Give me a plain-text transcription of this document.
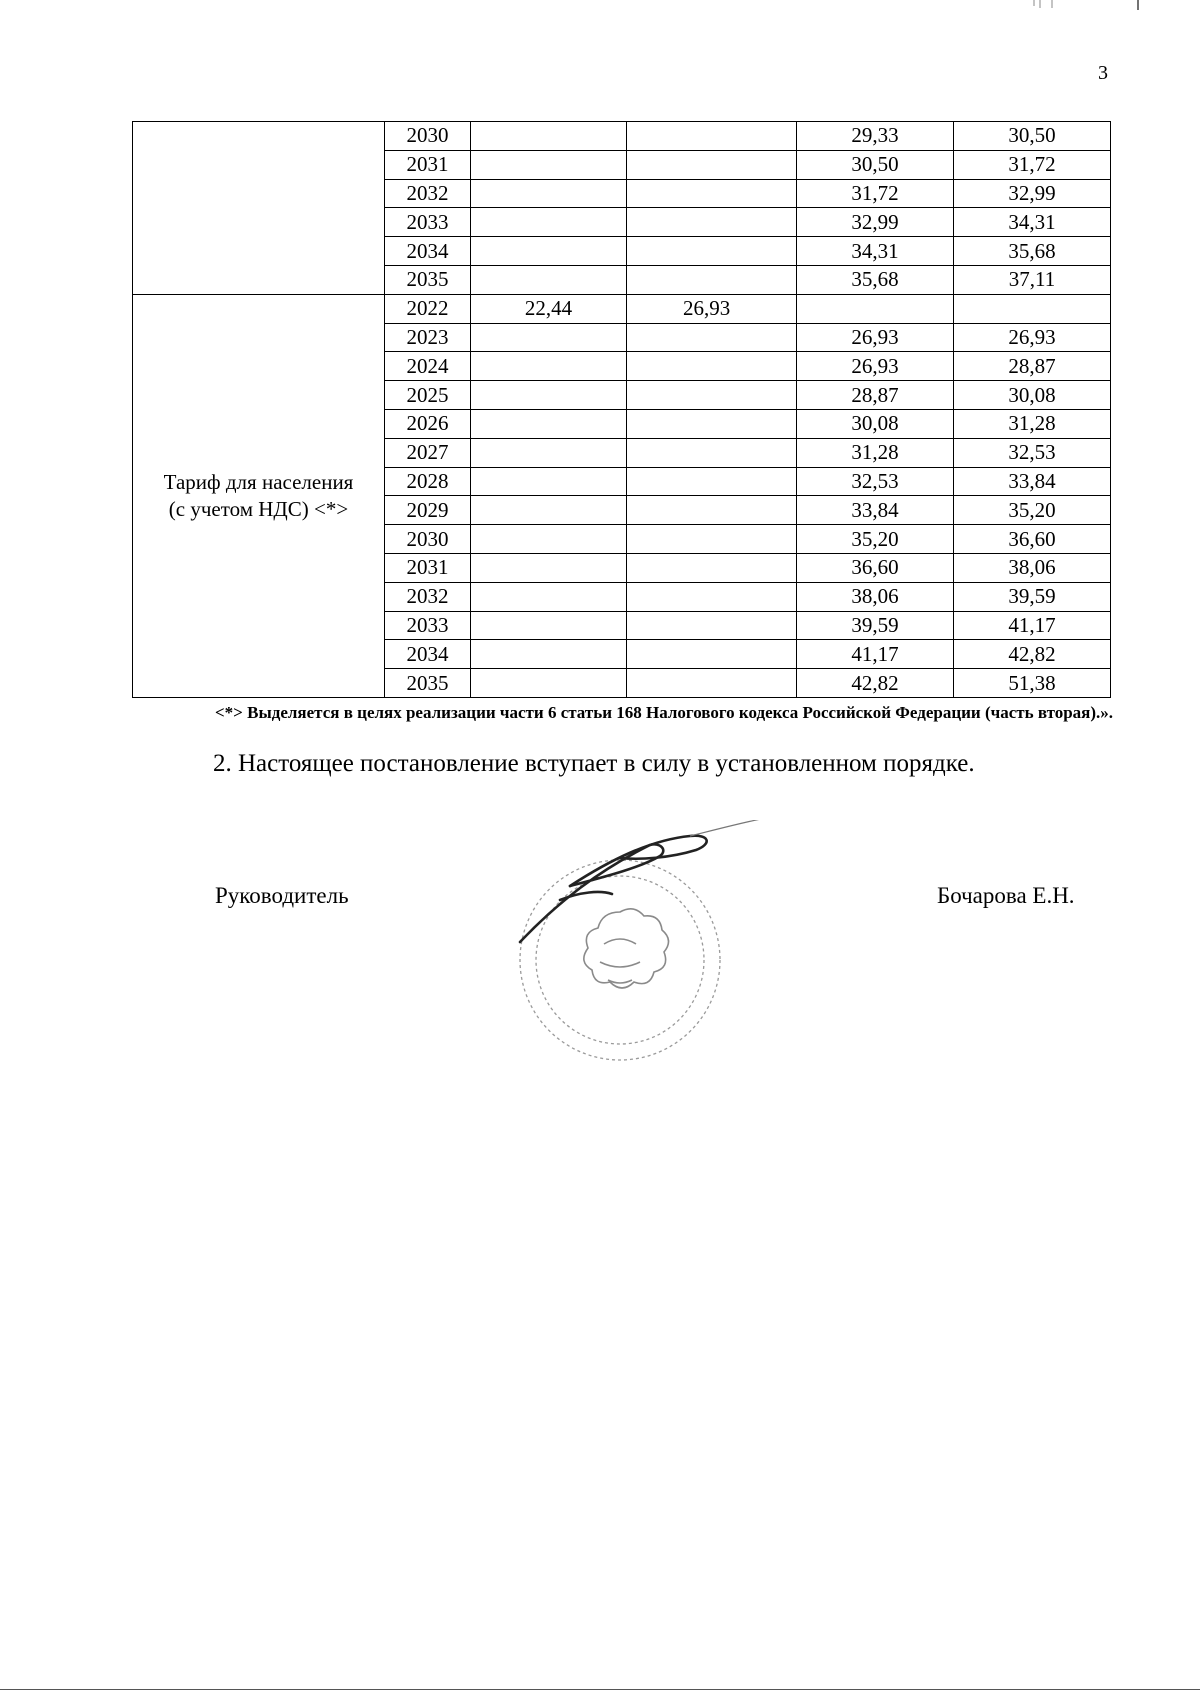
3
	2030			29,33	30,50
	2031			30,50	31,72
	2032			31,72	32,99
	2033			32,99	34,31
	2034			34,31	35,68
	2035			35,68	37,11

Тариф для населения
(с учетом НДС) <*>	2022	22,44	26,93		
	2023			26,93	26,93
	2024			26,93	28,87
	2025			28,87	30,08
	2026			30,08	31,28
	2027			31,28	32,53
	2028			32,53	33,84
	2029			33,84	35,20
	2030			35,20	36,60
	2031			36,60	38,06
	2032			38,06	39,59
	2033			39,59	41,17
	2034			41,17	42,82
	2035			42,82	51,38
<*> Выделяется в целях реализации части 6 статьи 168 Налогового кодекса Российской Федерации (часть вторая).».
2. Настоящее постановление вступает в силу в установленном порядке.
Руководитель	Бочарова Е.Н.
